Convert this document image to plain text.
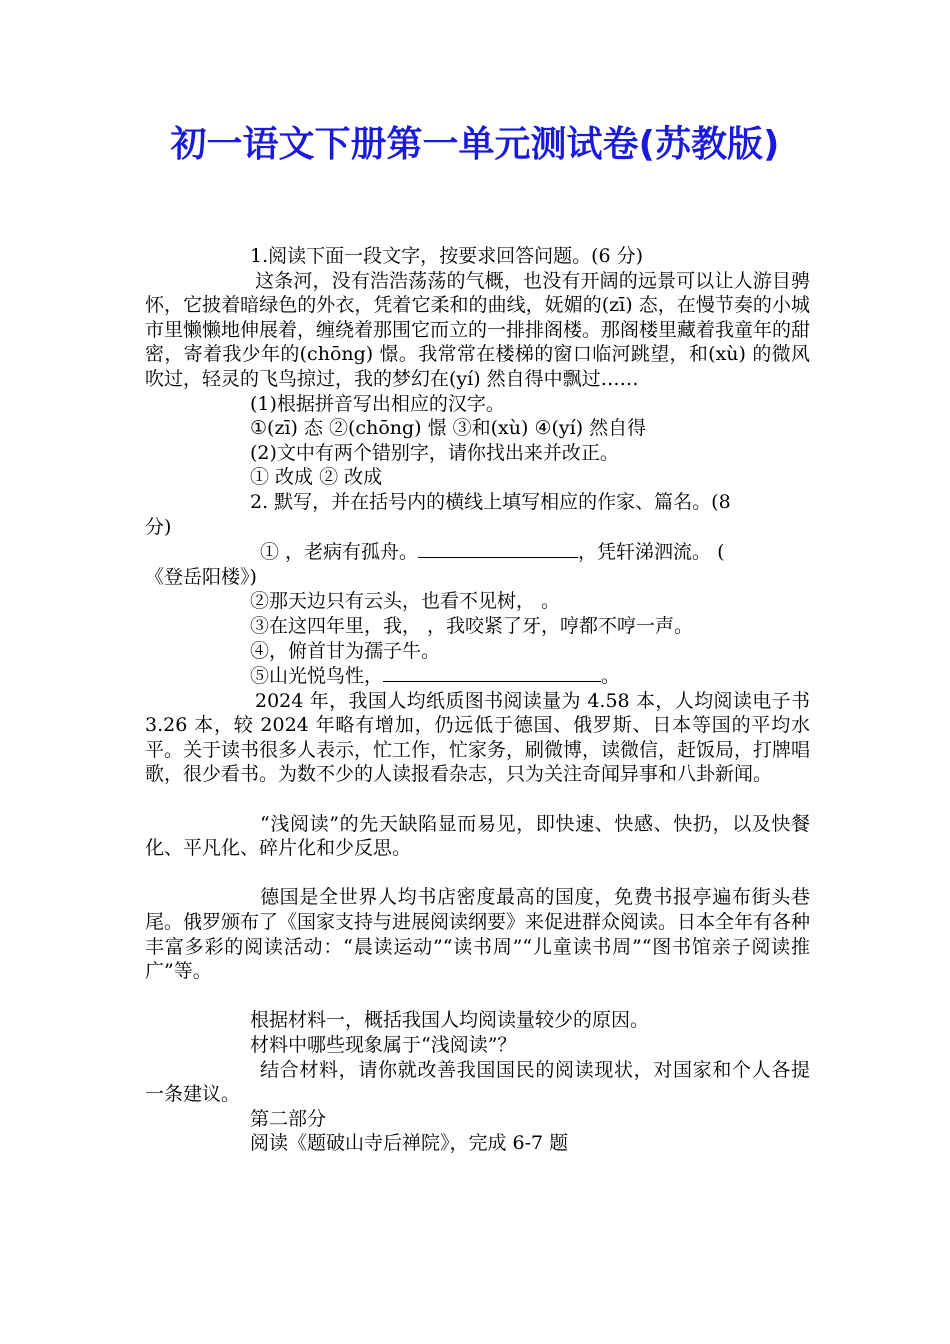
初一语文下册第一单元测试卷(苏教版)

1.阅读下面一段文字，按要求回答问题。(6 分)

这条河，没有浩浩荡荡的气概，也没有开阔的远景可以让人游目骋怀，它披着暗绿色的外衣，凭着它柔和的曲线，妩媚的(zī) 态，在慢节奏的小城市里懒懒地伸展着，缠绕着那围它而立的一排排阁楼。那阁楼里藏着我童年的甜密，寄着我少年的(chōng) 憬。我常常在楼梯的窗口临河跳望，和(xù) 的微风吹过，轻灵的飞鸟掠过，我的梦幻在(yí) 然自得中飘过……

(1)根据拼音写出相应的汉字。

①(zī) 态 ②(chōng) 憬 ③和(xù) ④(yí) 然自得

(2)文中有两个错别字，请你找出来并改正。

① 改成 ② 改成

2. 默写，并在括号内的横线上填写相应的作家、篇名。(8
分)

① ，老病有孤舟。	，凭轩涕泗流。 (
《登岳阳楼》)

②那天边只有云头，也看不见树， 。

③在这四年里，我， ，我咬紧了牙，哼都不哼一声。

④，俯首甘为孺子牛。

⑤山光悦鸟性，	。

2024 年，我国人均纸质图书阅读量为 4.58 本，人均阅读电子书 3.26 本，较 2024 年略有增加，仍远低于德国、俄罗斯、日本等国的平均水平。关于读书很多人表示，忙工作，忙家务，刷微博，读微信，赶饭局，打牌唱歌，很少看书。为数不少的人读报看杂志，只为关注奇闻异事和八卦新闻。

“浅阅读”的先天缺陷显而易见，即快速、快感、快扔，以及快餐化、平凡化、碎片化和少反思。

德国是全世界人均书店密度最高的国度，免费书报亭遍布街头巷尾。俄罗颁布了《国家支持与进展阅读纲要》来促进群众阅读。日本全年有各种丰富多彩的阅读活动：“晨读运动”“读书周”“儿童读书周”“图书馆亲子阅读推广”等。

根据材料一，概括我国人均阅读量较少的原因。

材料中哪些现象属于“浅阅读”？

结合材料，请你就改善我国国民的阅读现状，对国家和个人各提一条建议。

第二部分

阅读《题破山寺后禅院》，完成 6-7 题
